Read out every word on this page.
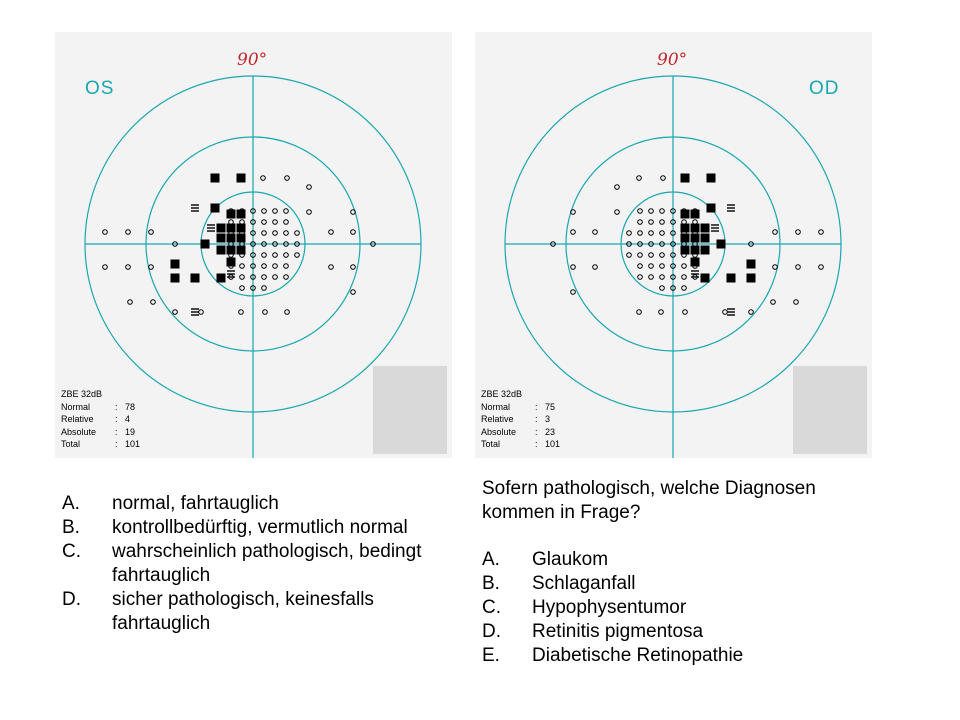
90°
OS
ZBE 32dB
Normal	: 78
Relative	: 4
Absolute	: 19
Total	: 101
90°
OD
ZBE 32dB
Normal	: 75
Relative	: 3
Absolute	: 23
Total	: 101
A.	normal, fahrtauglich
B.	kontrollbedürftig, vermutlich normal
C.	wahrscheinlich pathologisch, bedingt fahrtauglich
D.	sicher pathologisch, keinesfalls fahrtauglich
Sofern pathologisch, welche Diagnosen kommen in Frage?
A.	Glaukom
B.	Schlaganfall
C.	Hypophysentumor
D.	Retinitis pigmentosa
E.	Diabetische Retinopathie
